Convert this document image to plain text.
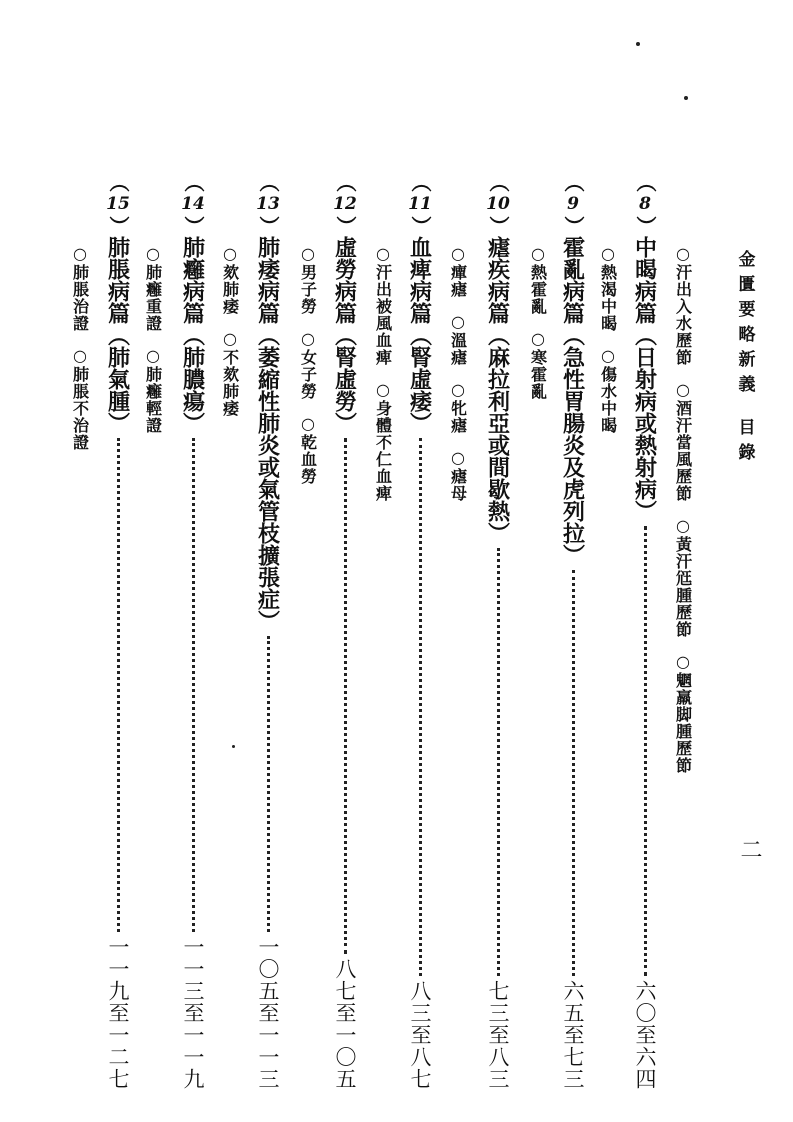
金匱要略新義
目錄
二
○汗出入水歷節
○酒汗當風歷節
○黃汗尩腫歷節
○魍羸脚腫歷節
（
8
）
中暍病篇
（日射病或熱射病）
六〇至六四
○熱渴中暍
○傷水中暍
（
9
）
霍亂病篇
（急性胃腸炎及虎列拉）
六五至七三
○熱霍亂
○寒霍亂
（
10
）
瘧疾病篇
（麻拉利亞或間歇熱）
七三至八三
○癉瘧
○溫瘧
○牝瘧
○瘧母
（
11
）
血痺病篇
（腎虛痿）
八三至八七
○汗出被風血痺
○身體不仁血痺
（
12
）
虛勞病篇
（腎虛勞）
八七至一〇五
○男子勞
○女子勞
○乾血勞
（
13
）
肺痿病篇
（萎縮性肺炎或氣管枝擴張症）
一〇五至一一三
○欬肺痿
○不欬肺痿
（
14
）
肺癰病篇
（肺膿瘍）
一一三至一一九
○肺癰重證
○肺癰輕證
（
15
）
肺脹病篇
（肺氣腫）
一一九至一二七
○肺脹治證
○肺脹不治證
